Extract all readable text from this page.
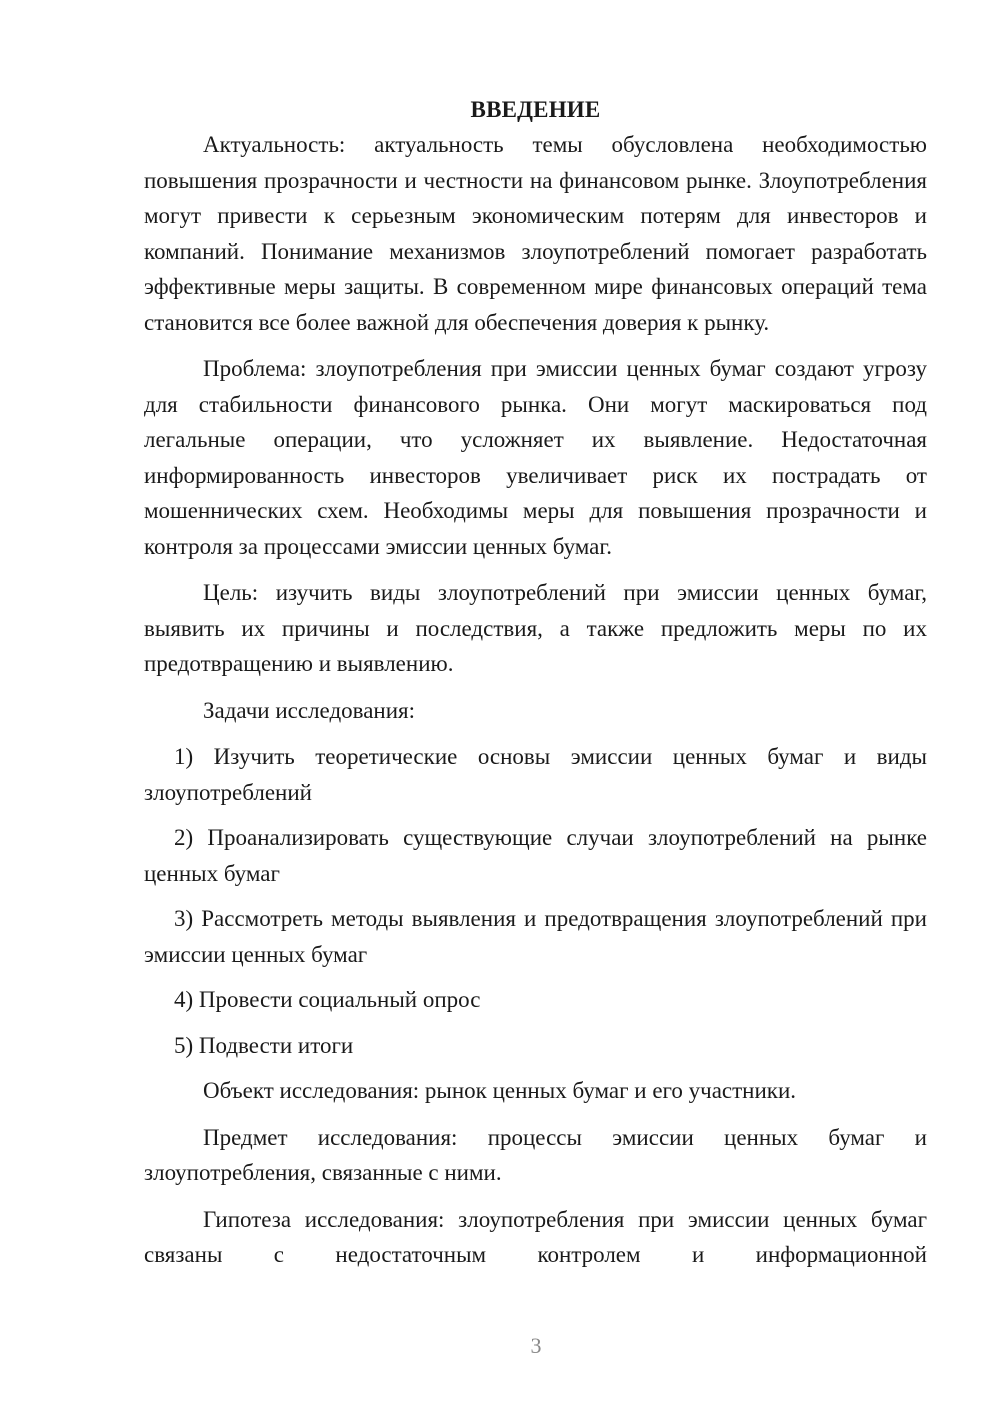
ВВЕДЕНИЕ

Актуальность: актуальность темы обусловлена необходимостью повышения прозрачности и честности на финансовом рынке. Злоупотребления могут привести к серьезным экономическим потерям для инвесторов и компаний. Понимание механизмов злоупотреблений помогает разработать эффективные меры защиты. В современном мире финансовых операций тема становится все более важной для обеспечения доверия к рынку.

Проблема: злоупотребления при эмиссии ценных бумаг создают угрозу для стабильности финансового рынка. Они могут маскироваться под легальные операции, что усложняет их выявление. Недостаточная информированность инвесторов увеличивает риск их пострадать от мошеннических схем. Необходимы меры для повышения прозрачности и контроля за процессами эмиссии ценных бумаг.

Цель: изучить виды злоупотреблений при эмиссии ценных бумаг, выявить их причины и последствия, а также предложить меры по их предотвращению и выявлению.

Задачи исследования:

1) Изучить теоретические основы эмиссии ценных бумаг и виды злоупотреблений

2) Проанализировать существующие случаи злоупотреблений на рынке ценных бумаг

3) Рассмотреть методы выявления и предотвращения злоупотреблений при эмиссии ценных бумаг

4) Провести социальный опрос

5) Подвести итоги

Объект исследования: рынок ценных бумаг и его участники.

Предмет исследования: процессы эмиссии ценных бумаг и злоупотребления, связанные с ними.

Гипотеза исследования: злоупотребления при эмиссии ценных бумаг связаны с недостаточным контролем и информационной

3
